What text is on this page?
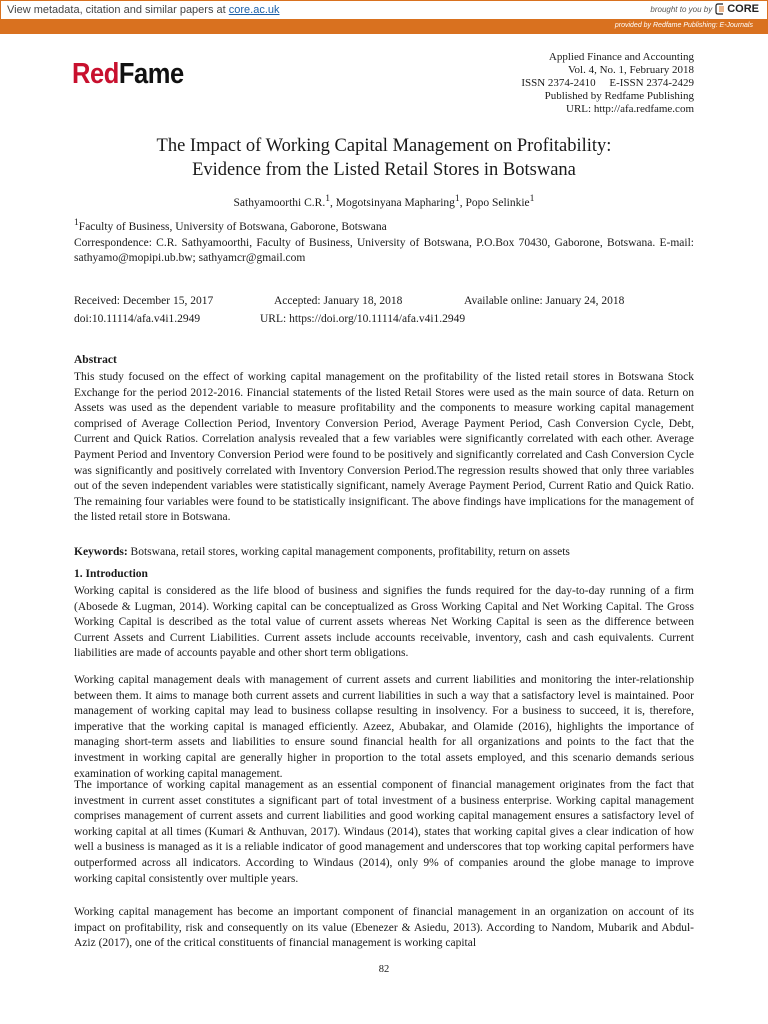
View metadata, citation and similar papers at core.ac.uk	brought to you by CORE
provided by Redfame Publishing: E-Journals
RedFame
Applied Finance and Accounting
Vol. 4, No. 1, February 2018
ISSN 2374-2410     E-ISSN 2374-2429
Published by Redfame Publishing
URL: http://afa.redfame.com
The Impact of Working Capital Management on Profitability:
Evidence from the Listed Retail Stores in Botswana
Sathyamoorthi C.R.$^1$, Mogotsinyana Mapharing$^1$, Popo Selinkie$^1$
$^1$Faculty of Business, University of Botswana, Gaborone, Botswana
Correspondence: C.R. Sathyamoorthi, Faculty of Business, University of Botswana, P.O.Box 70430, Gaborone, Botswana. E-mail: sathyamo@mopipi.ub.bw; sathyamcr@gmail.com
Received: December 15, 2017	Accepted: January 18, 2018	Available online: January 24, 2018
doi:10.11114/afa.v4i1.2949	URL: https://doi.org/10.11114/afa.v4i1.2949
Abstract
This study focused on the effect of working capital management on the profitability of the listed retail stores in Botswana Stock Exchange for the period 2012-2016. Financial statements of the listed Retail Stores were used as the main source of data. Return on Assets was used as the dependent variable to measure profitability and the components to measure working capital management comprised of Average Collection Period, Inventory Conversion Period, Average Payment Period, Cash Conversion Cycle, Debt, Current and Quick Ratios. Correlation analysis revealed that a few variables were significantly correlated with each other. Average Payment Period and Inventory Conversion Period were found to be positively and significantly correlated and Cash Conversion Cycle was significantly and positively correlated with Inventory Conversion Period.The regression results showed that only three variables out of the seven independent variables were statistically significant, namely Average Payment Period, Current Ratio and Quick Ratio. The remaining four variables were found to be statistically insignificant. The above findings have implications for the management of the listed retail store in Botswana.
Keywords: Botswana, retail stores, working capital management components, profitability, return on assets
1. Introduction
Working capital is considered as the life blood of business and signifies the funds required for the day-to-day running of a firm (Abosede & Lugman, 2014). Working capital can be conceptualized as Gross Working Capital and Net Working Capital. The Gross Working Capital is described as the total value of current assets whereas Net Working Capital is seen as the difference between Current Assets and Current Liabilities. Current assets include accounts receivable, inventory, cash and cash equivalents. Current liabilities are made of accounts payable and other short term obligations.
Working capital management deals with management of current assets and current liabilities and monitoring the inter-relationship between them. It aims to manage both current assets and current liabilities in such a way that a satisfactory level is maintained. Poor management of working capital may lead to business collapse resulting in insolvency. For a business to succeed, it is, therefore, imperative that the working capital is managed efficiently. Azeez, Abubakar, and Olamide (2016), highlights the importance of managing short-term assets and liabilities to ensure sound financial health for all organizations and points to the fact that the investment in working capital are generally higher in proportion to the total assets employed, and this scenario demands serious examination of working capital management.
The importance of working capital management as an essential component of financial management originates from the fact that investment in current asset constitutes a significant part of total investment of a business enterprise. Working capital management comprises management of current assets and current liabilities and good working capital management ensures a satisfactory level of working capital at all times (Kumari & Anthuvan, 2017). Windaus (2014), states that working capital gives a clear indication of how well a business is managed as it is a reliable indicator of good management and underscores that top working capital performers have outperformed across all indicators. According to Windaus (2014), only 9% of companies around the globe manage to improve working capital consistently over multiple years.
Working capital management has become an important component of financial management in an organization on account of its impact on profitability, risk and consequently on its value (Ebenezer & Asiedu, 2013). According to Nandom, Mubarik and Abdul-Aziz (2017), one of the critical constituents of financial management is working capital
82
